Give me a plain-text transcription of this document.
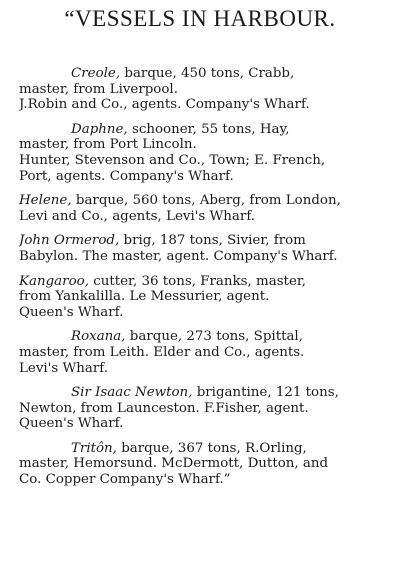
“VESSELS IN HARBOUR.
Creole, barque, 450 tons, Crabb,
master, from Liverpool.
J.Robin and Co., agents. Company's Wharf.
Daphne, schooner, 55 tons, Hay,
master, from Port Lincoln.
Hunter, Stevenson and Co., Town; E. French,
Port, agents. Company's Wharf.
Helene, barque, 560 tons, Aberg, from London,
Levi and Co., agents, Levi's Wharf.
John Ormerod, brig, 187 tons, Sivier, from
Babylon. The master, agent. Company's Wharf.
Kangaroo, cutter, 36 tons, Franks, master,
from Yankalilla. Le Messurier, agent.
Queen's Wharf.
Roxana, barque, 273 tons, Spittal,
master, from Leith. Elder and Co., agents.
Levi's Wharf.
Sir Isaac Newton, brigantine, 121 tons,
Newton, from Launceston. F.Fisher, agent.
Queen's Wharf.
Tritôn, barque, 367 tons, R.Orling,
master, Hemorsund. McDermott, Dutton, and
Co. Copper Company's Wharf.”
